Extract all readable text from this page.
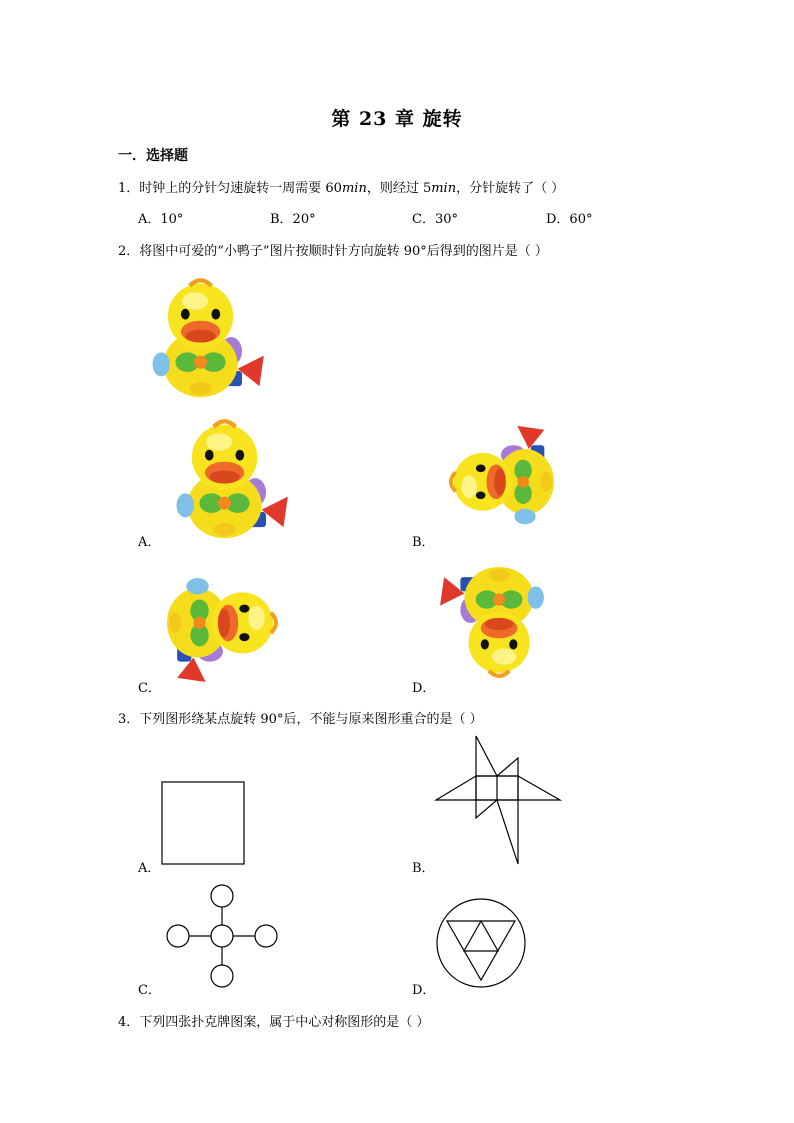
第 23 章 旋转
一．选择题
1．时钟上的分针匀速旋转一周需要 60min，则经过 5min，分针旋转了（ ）
A．10°	B．20°	C．30°	D．60°
2．将图中可爱的“小鸭子”图片按顺时针方向旋转 90°后得到的图片是（ ）
A．	B．
C．	D．
3．下列图形绕某点旋转 90°后，不能与原来图形重合的是（ ）
A．	B．
C．	D．
4．下列四张扑克牌图案，属于中心对称图形的是（ ）
